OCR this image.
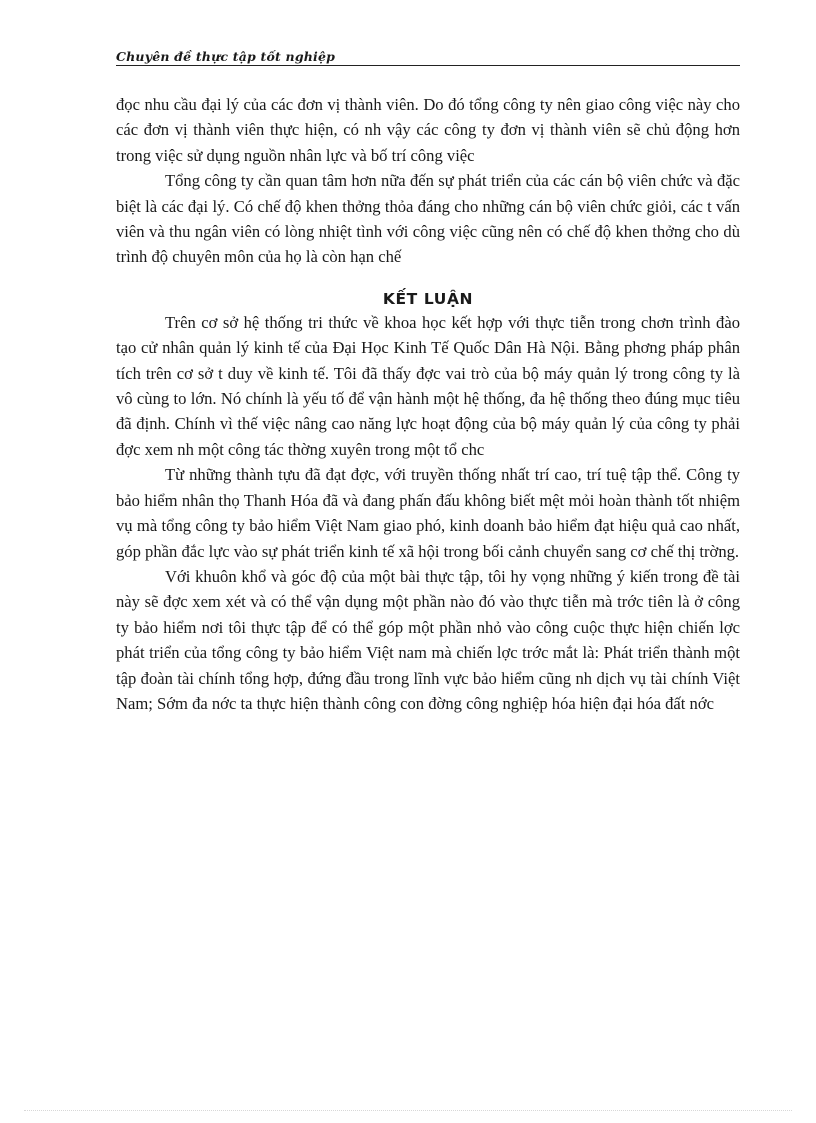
Chuyên đề thực tập tốt nghiệp

đọc nhu cầu đại lý của các đơn vị thành viên. Do đó tổng công ty nên giao công việc này cho các đơn vị thành viên thực hiện, có nh vậy các công ty đơn vị thành viên sẽ chủ động hơn trong việc sử dụng nguồn nhân lực và bố trí công việc

Tổng công ty cần quan tâm hơn nữa đến sự phát triển của các cán bộ viên chức và đặc biệt là các đại lý. Có chế độ khen thởng thỏa đáng cho những cán bộ viên chức giỏi, các t vấn viên và thu ngân viên có lòng nhiệt tình với công việc cũng nên có chế độ khen thởng cho dù trình độ chuyên môn của họ là còn hạn chế

KẾT LUẬN

Trên cơ sở hệ thống tri thức về khoa học kết hợp với thực tiễn trong chơn trình đào tạo cử nhân quản lý kinh tế của Đại Học Kinh Tế Quốc Dân Hà Nội. Bằng phơng pháp phân tích trên cơ sở t duy về kinh tế. Tôi đã thấy đợc vai trò của bộ máy quản lý trong công ty là vô cùng to lớn. Nó chính là yếu tố để vận hành một hệ thống, đa hệ thống theo đúng mục tiêu đã định. Chính vì thế việc nâng cao năng lực hoạt động của bộ máy quản lý của công ty phải đợc xem nh một công tác thờng xuyên trong một tổ chc

Từ những thành tựu đã đạt đợc, với truyền thống nhất trí cao, trí tuệ tập thể. Công ty bảo hiểm nhân thọ Thanh Hóa đã và đang phấn đấu không biết mệt mỏi hoàn thành tốt nhiệm vụ mà tổng công ty bảo hiểm Việt Nam giao phó, kinh doanh bảo hiểm đạt hiệu quả cao nhất, góp phần đắc lực vào sự phát triển kinh tế xã hội trong bối cảnh chuyển sang cơ chế thị trờng.

Với khuôn khổ và góc độ của một bài thực tập, tôi hy vọng những ý kiến trong đề tài này sẽ đợc xem xét và có thể vận dụng một phần nào đó vào thực tiễn mà trớc tiên là ở công ty bảo hiểm nơi tôi thực tập để có thể góp một phần nhỏ vào công cuộc thực hiện chiến lợc phát triển của tổng công ty bảo hiểm Việt nam mà chiến lợc trớc mắt là: Phát triển thành một tập đoàn tài chính tổng hợp, đứng đầu trong lĩnh vực bảo hiểm cũng nh dịch vụ tài chính Việt Nam; Sớm đa nớc ta thực hiện thành công con đờng công nghiệp hóa hiện đại hóa đất nớc
